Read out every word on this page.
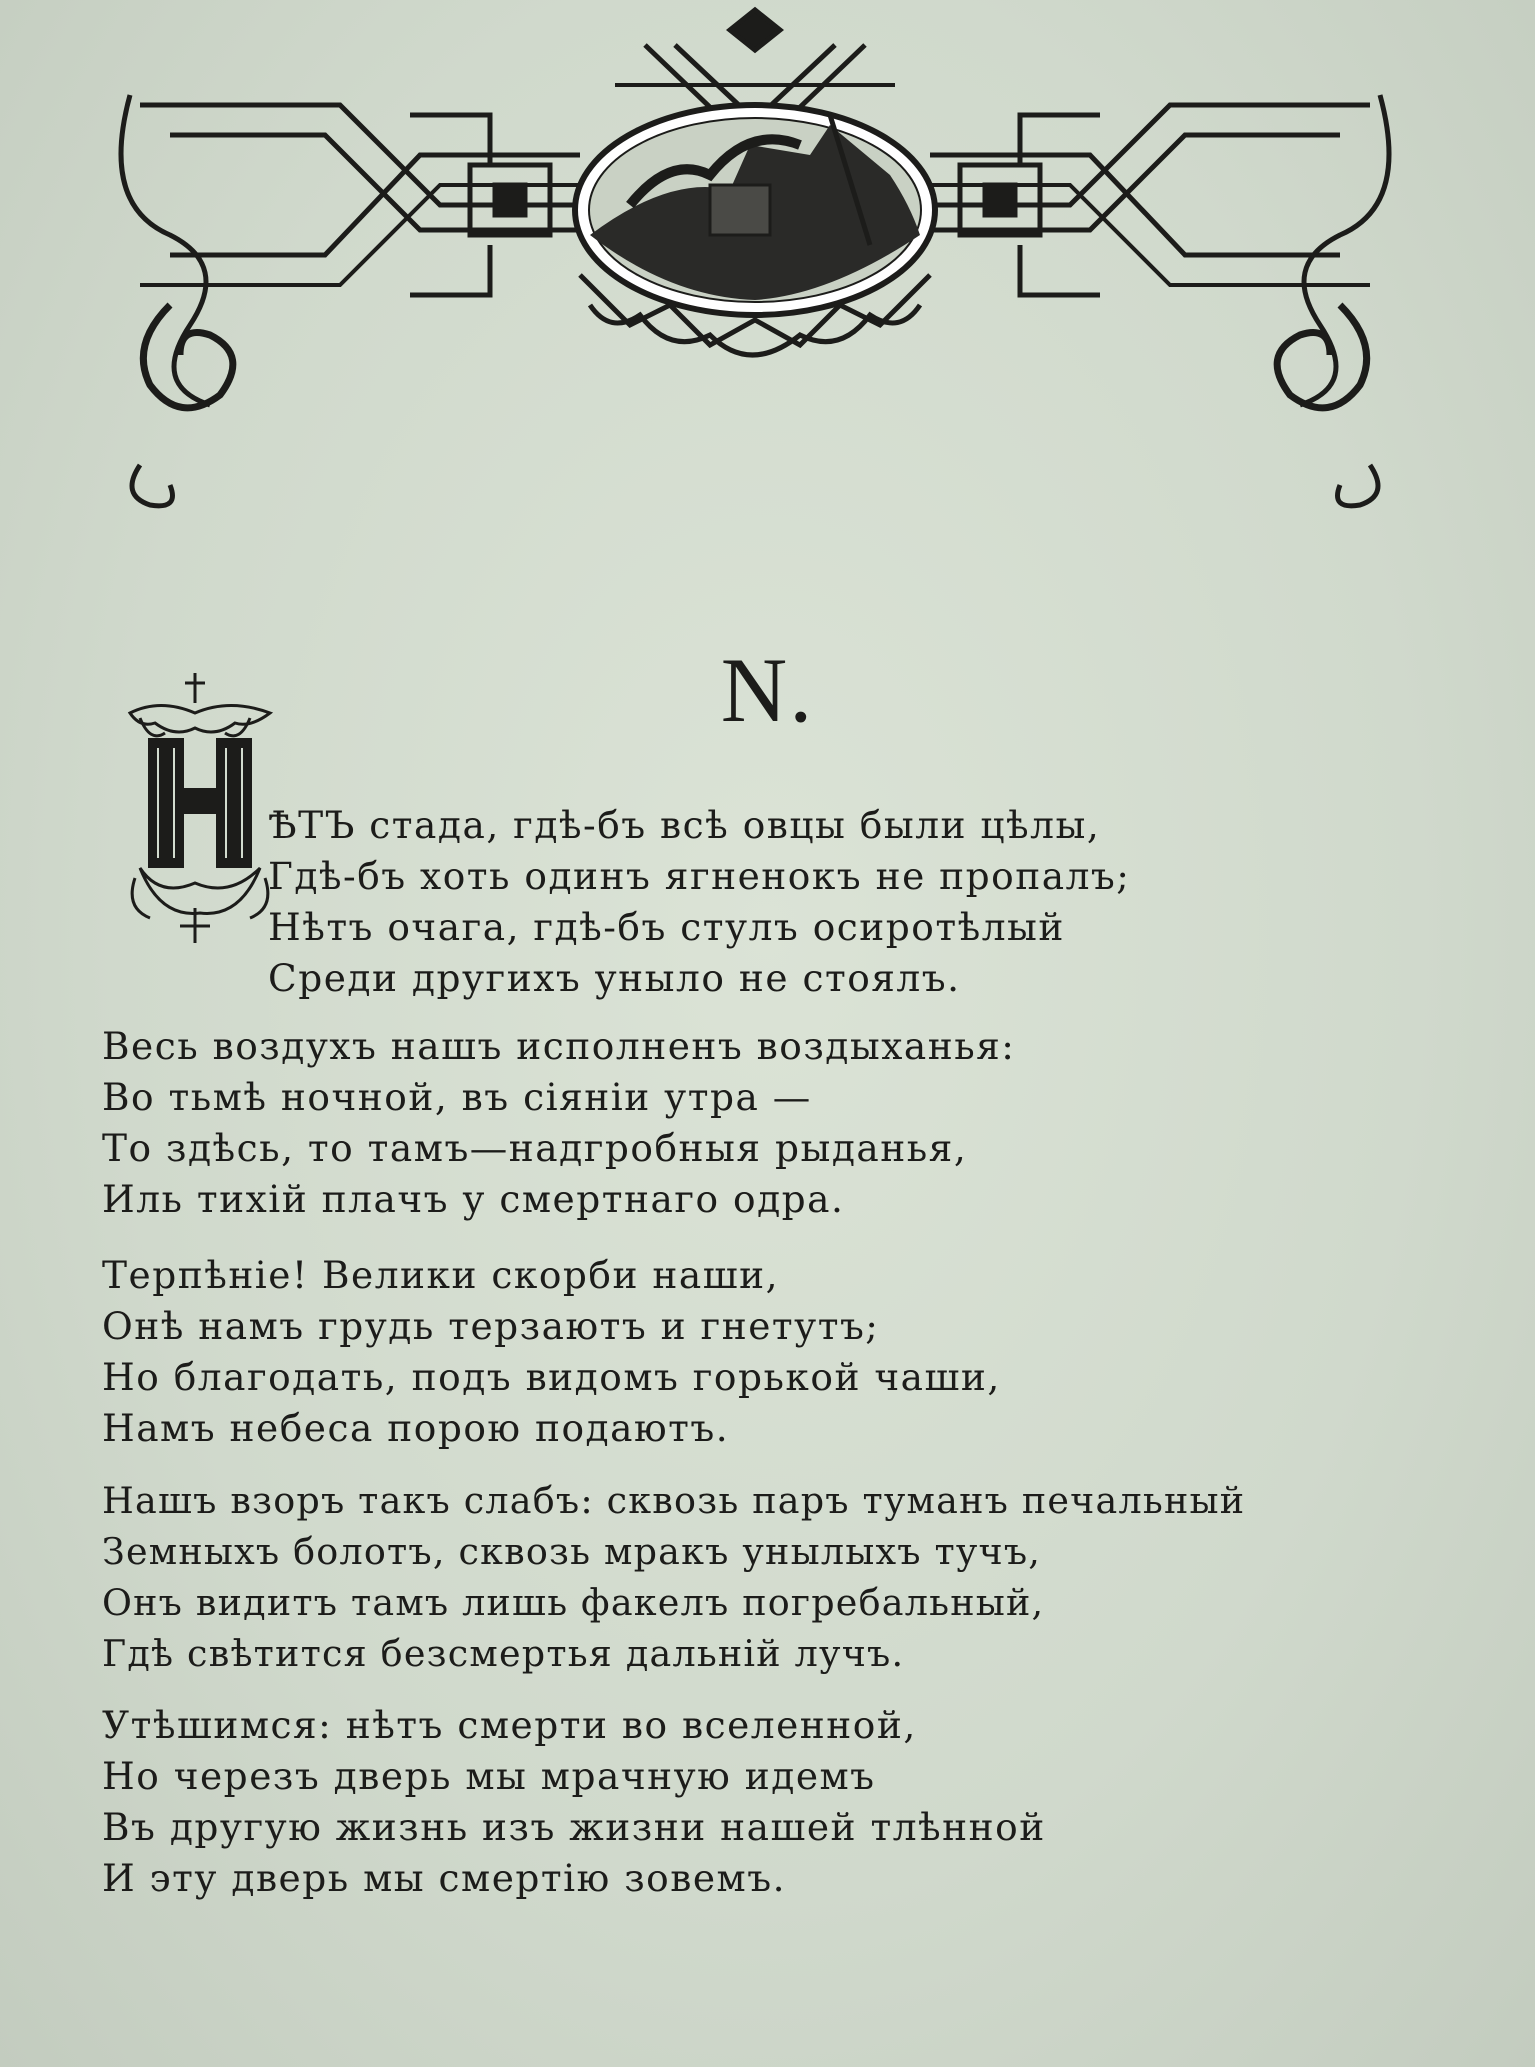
N.
ѢТЪ стада, гдѣ-бъ всѣ овцы были цѣлы,
Гдѣ-бъ хоть одинъ ягненокъ не пропалъ;
Нѣтъ очага, гдѣ-бъ стулъ осиротѣлый
Среди другихъ уныло не стоялъ.
Весь воздухъ нашъ исполненъ воздыханья:
Во тьмѣ ночной, въ сiянiи утра —
То здѣсь, то тамъ—надгробныя рыданья,
Иль тихiй плачъ у смертнаго одра.
Терпѣнiе! Велики скорби наши,
Онѣ намъ грудь терзаютъ и гнетутъ;
Но благодать, подъ видомъ горькой чаши,
Намъ небеса порою подаютъ.
Нашъ взоръ такъ слабъ: сквозь паръ туманъ печальный
Земныхъ болотъ, сквозь мракъ унылыхъ тучъ,
Онъ видитъ тамъ лишь факелъ погребальный,
Гдѣ свѣтится безсмертья дальнiй лучъ.
Утѣшимся: нѣтъ смерти во вселенной,
Но черезъ дверь мы мрачную идемъ
Въ другую жизнь изъ жизни нашей тлѣнной
И эту дверь мы смертiю зовемъ.
